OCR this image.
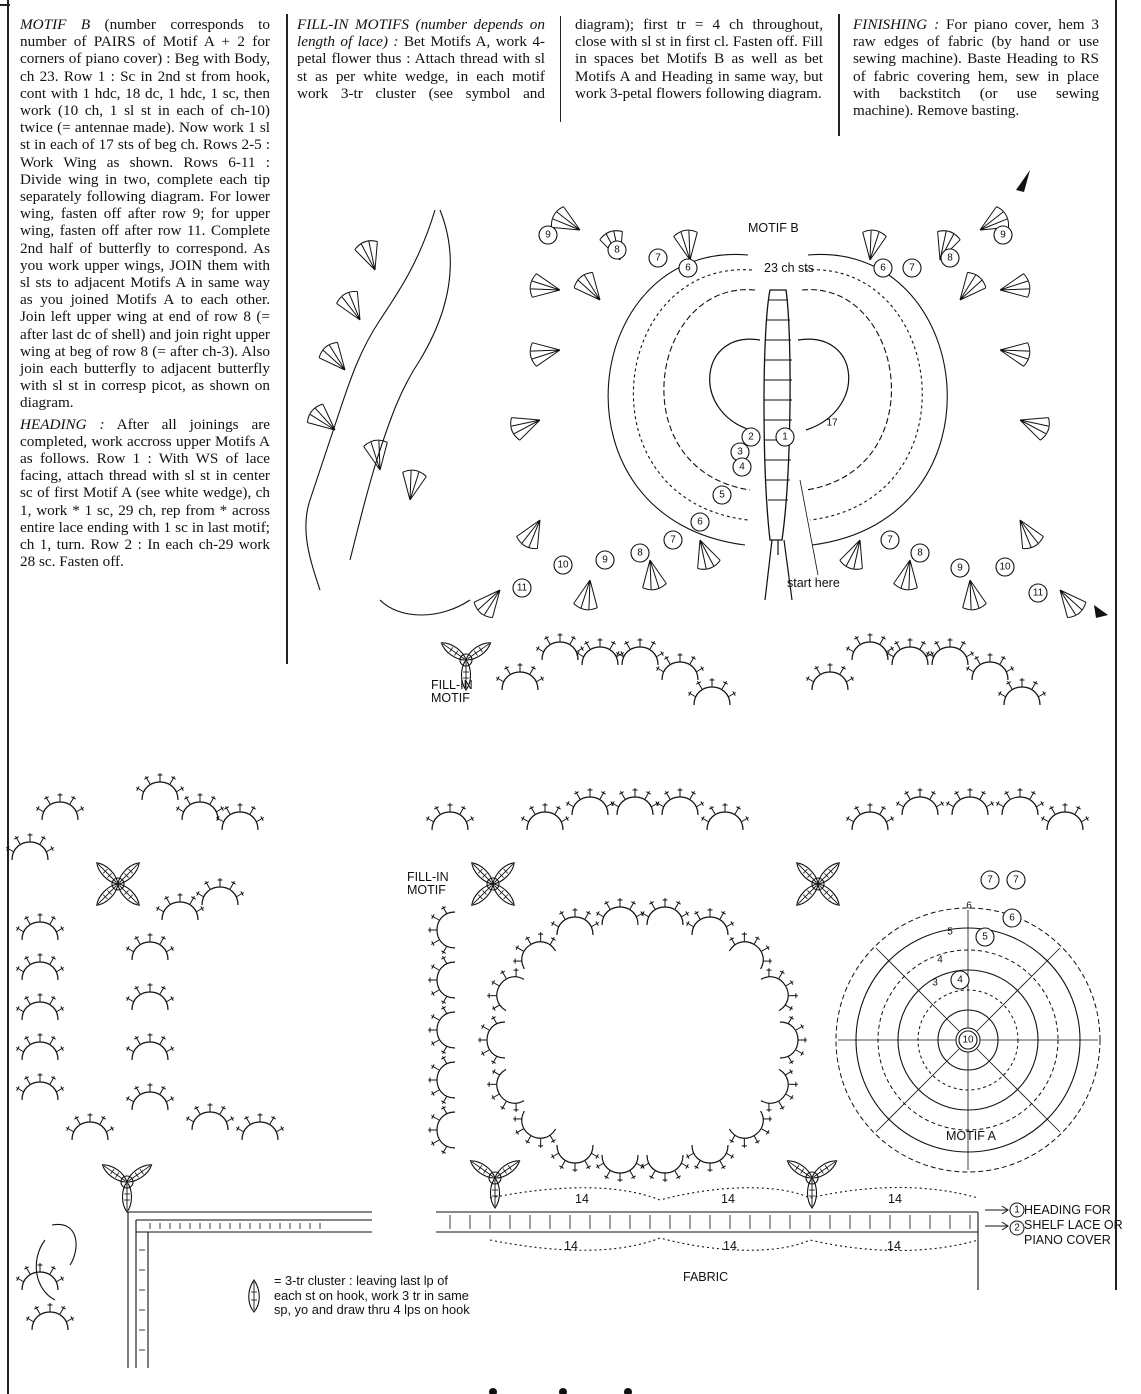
MOTIF B (number corresponds to number of PAIRS of Motif A + 2 for corners of piano cover) : Beg with Body, ch 23. Row 1 : Sc in 2nd st from hook, cont with 1 hdc, 18 dc, 1 hdc, 1 sc, then work (10 ch, 1 sl st in each of ch-10) twice (= antennae made). Now work 1 sl st in each of 17 sts of beg ch. Rows 2-5 : Work Wing as shown. Rows 6-11 : Divide wing in two, complete each tip separately following diagram. For lower wing, fasten off after row 9; for upper wing, fasten off after row 11. Complete 2nd half of butterfly to correspond. As you work upper wings, JOIN them with sl sts to adjacent Motifs A in same way as you joined Motifs A to each other. Join left upper wing at end of row 8 (= after last dc of shell) and join right upper wing at beg of row 8 (= after ch-3). Also join each butterfly to adjacent butterfly with sl st in corresp picot, as shown on diagram.

HEADING : After all joinings are completed, work accross upper Motifs A as follows. Row 1 : With WS of lace facing, attach thread with sl st in center sc of first Motif A (see white wedge), ch 1, work * 1 sc, 29 ch, rep from * across entire lace ending with 1 sc in last motif; ch 1, turn. Row 2 : In each ch-29 work 28 sc. Fasten off.

FILL-IN MOTIFS (number depends on length of lace) : Bet Motifs A, work 4-petal flower thus : Attach thread with sl st as per white wedge, in each motif work 3-tr cluster (see symbol and diagram); first tr = 4 ch throughout, close with sl st in first cl. Fasten off. Fill in spaces bet Motifs B as well as bet Motifs A and Heading in same way, but work 3-petal flowers following diagram.

FINISHING : For piano cover, hem 3 raw edges of fabric (by hand or use sewing machine). Baste Heading to RS of fabric covering hem, sew in place with backstitch (or use sewing machine). Remove basting.

9
8
7
6
11
10	9
8
7
9
8
7
6
11
10
9
8
7
1
2
3
4
5
6
17
7
6
5
4
3
10
7
6
5
4
14	14	14
14	14	14
1
2
MOTIF B
23 ch sts
start here
FILL-IN
MOTIF
FILL-IN
MOTIF
MOTIF A
FABRIC
HEADING FOR
SHELF LACE OR
PIANO COVER
= 3-tr cluster : leaving last lp of each st on hook, work 3 tr in same sp, yo and draw thru 4 lps on hook
